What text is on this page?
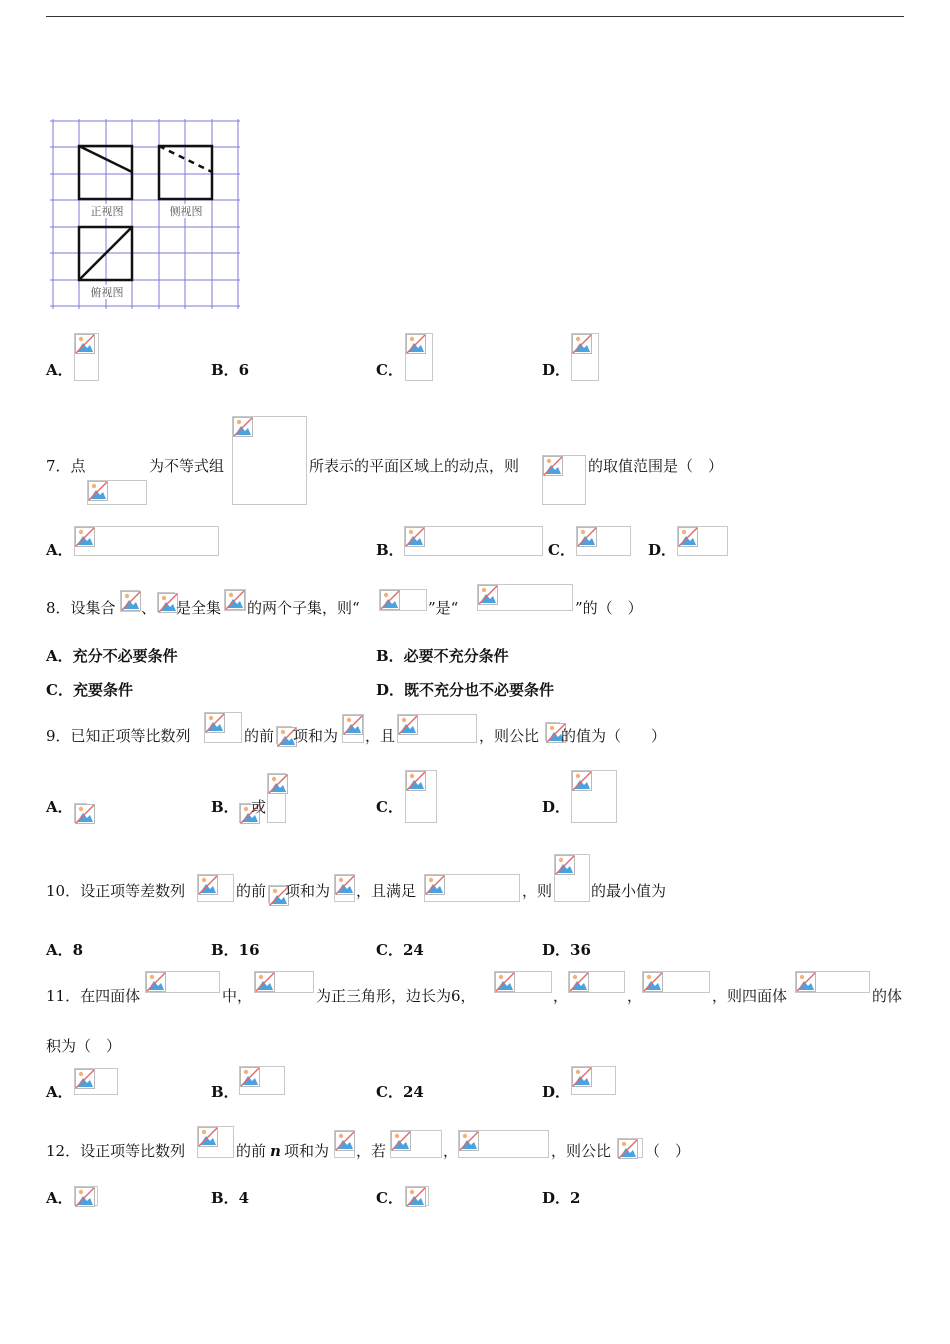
正视图	侧视图
俯视图
A．	B．6	C．	D．
7．点	为不等式组	所表示的平面区域上的动点，则	的取值范围是（　）
A．	B．	C．	D．
8．设集合 、 是全集 的两个子集，则“	”是“	”的（　）
A．充分不必要条件	B．必要不充分条件
C．充要条件	D．既不充分也不必要条件
9．已知正项等比数列	的前 项和为 ，且	，则公比 的值为（　　）
A．	B． 或	C．	D．
10．设正项等差数列	的前 项和为 ，且满足	，则	的最小值为
A．8	B．16	C．24	D．36
11．在四面体	中，	为正三角形，边长为6，	，	，	，则四面体	的体
积为（　）
A．	B．	C．24	D．
12．设正项等比数列	的前 n 项和为 ，若	，	，则公比 （　）
A．	B．4	C．	D．2
